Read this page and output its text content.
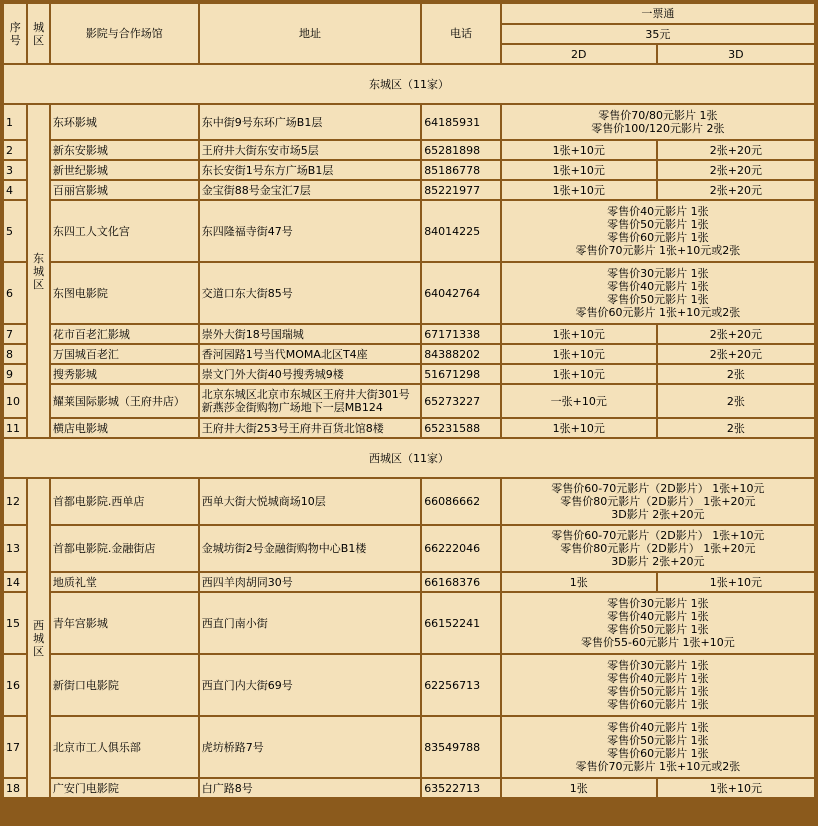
序号	城区	影院与合作场馆	地址	电话	一票通	
					35元	
					2D	3D
东城区（11家）						
1	东城区	东环影城	东中街9号东环广场B1层	64185931	零售价70/80元影片 1张
零售价100/120元影片 2张	
2		新东安影城	王府井大街东安市场5层	65281898	1张+10元	2张+20元
3		新世纪影城	东长安街1号东方广场B1层	85186778	1张+10元	2张+20元
4		百丽宫影城	金宝街88号金宝汇7层	85221977	1张+10元	2张+20元
5		东四工人文化宫	东四隆福寺街47号	84014225	零售价40元影片 1张
零售价50元影片 1张
零售价60元影片 1张
零售价70元影片 1张+10元或2张	
6		东图电影院	交道口东大街85号	64042764	零售价30元影片 1张
零售价40元影片 1张
零售价50元影片 1张
零售价60元影片 1张+10元或2张	
7		花市百老汇影城	崇外大街18号国瑞城	67171338	1张+10元	2张+20元
8		万国城百老汇	香河园路1号当代MOMA北区T4座	84388202	1张+10元	2张+20元
9		搜秀影城	崇文门外大街40号搜秀城9楼	51671298	1张+10元	2张
10		耀莱国际影城（王府井店）	北京东城区北京市东城区王府井大街301号新燕莎金街购物广场地下一层MB124	65273227	一张+10元	2张
11		横店电影城	王府井大街253号王府井百货北馆8楼	65231588	1张+10元	2张
西城区（11家）						
12	西城区	首都电影院.西单店	西单大街大悦城商场10层	66086662	零售价60-70元影片（2D影片） 1张+10元
零售价80元影片（2D影片） 1张+20元
3D影片 2张+20元	
13		首都电影院.金融街店	金城坊街2号金融街购物中心B1楼	66222046	零售价60-70元影片（2D影片） 1张+10元
零售价80元影片（2D影片） 1张+20元
3D影片 2张+20元	
14		地质礼堂	西四羊肉胡同30号	66168376	1张	1张+10元
15		青年宫影城	西直门南小街	66152241	零售价30元影片 1张
零售价40元影片 1张
零售价50元影片 1张
零售价55-60元影片 1张+10元	
16		新街口电影院	西直门内大街69号	62256713	零售价30元影片 1张
零售价40元影片 1张
零售价50元影片 1张
零售价60元影片 1张	
17		北京市工人俱乐部	虎坊桥路7号	83549788	零售价40元影片 1张
零售价50元影片 1张
零售价60元影片 1张
零售价70元影片 1张+10元或2张	
18		广安门电影院	白广路8号	63522713	1张	1张+10元
